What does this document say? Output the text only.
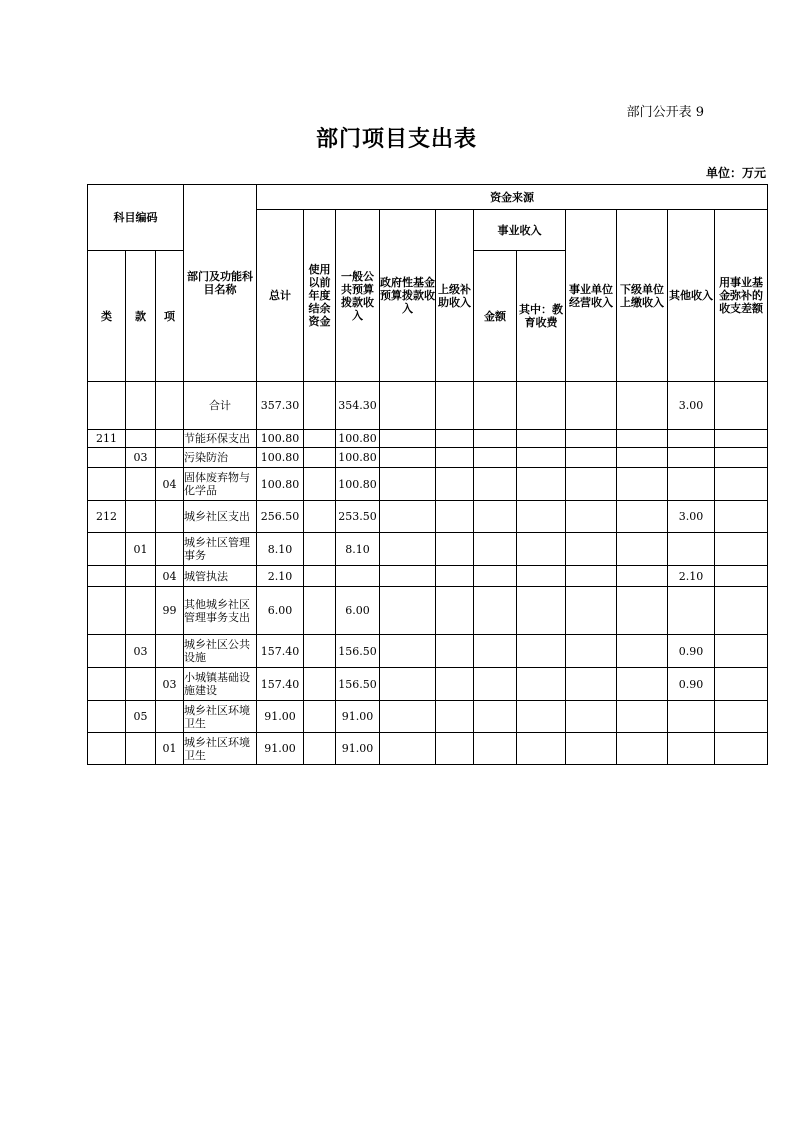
部门公开表 9
部门项目支出表
单位：万元
科目编码			部门及功能科目名称	资金来源										
				总计	使用以前年度结余资金	一般公共预算拨款收入	政府性基金预算拨款收入	上级补助收入	事业收入		事业单位经营收入	下级单位上缴收入	其他收入	用事业基金弥补的收支差额
类	款	项							金额	其中：教育收费				

			合计	357.30		354.30							3.00	
211			节能环保支出	100.80		100.80								
	03		污染防治	100.80		100.80								
		04	固体废弃物与化学品	100.80		100.80								
212			城乡社区支出	256.50		253.50							3.00	
	01		城乡社区管理事务	8.10		8.10								
		04	城管执法	2.10									2.10	
		99	其他城乡社区管理事务支出	6.00		6.00								
	03		城乡社区公共设施	157.40		156.50							0.90	
		03	小城镇基础设施建设	157.40		156.50							0.90	
	05		城乡社区环境卫生	91.00		91.00								
		01	城乡社区环境卫生	91.00		91.00								
